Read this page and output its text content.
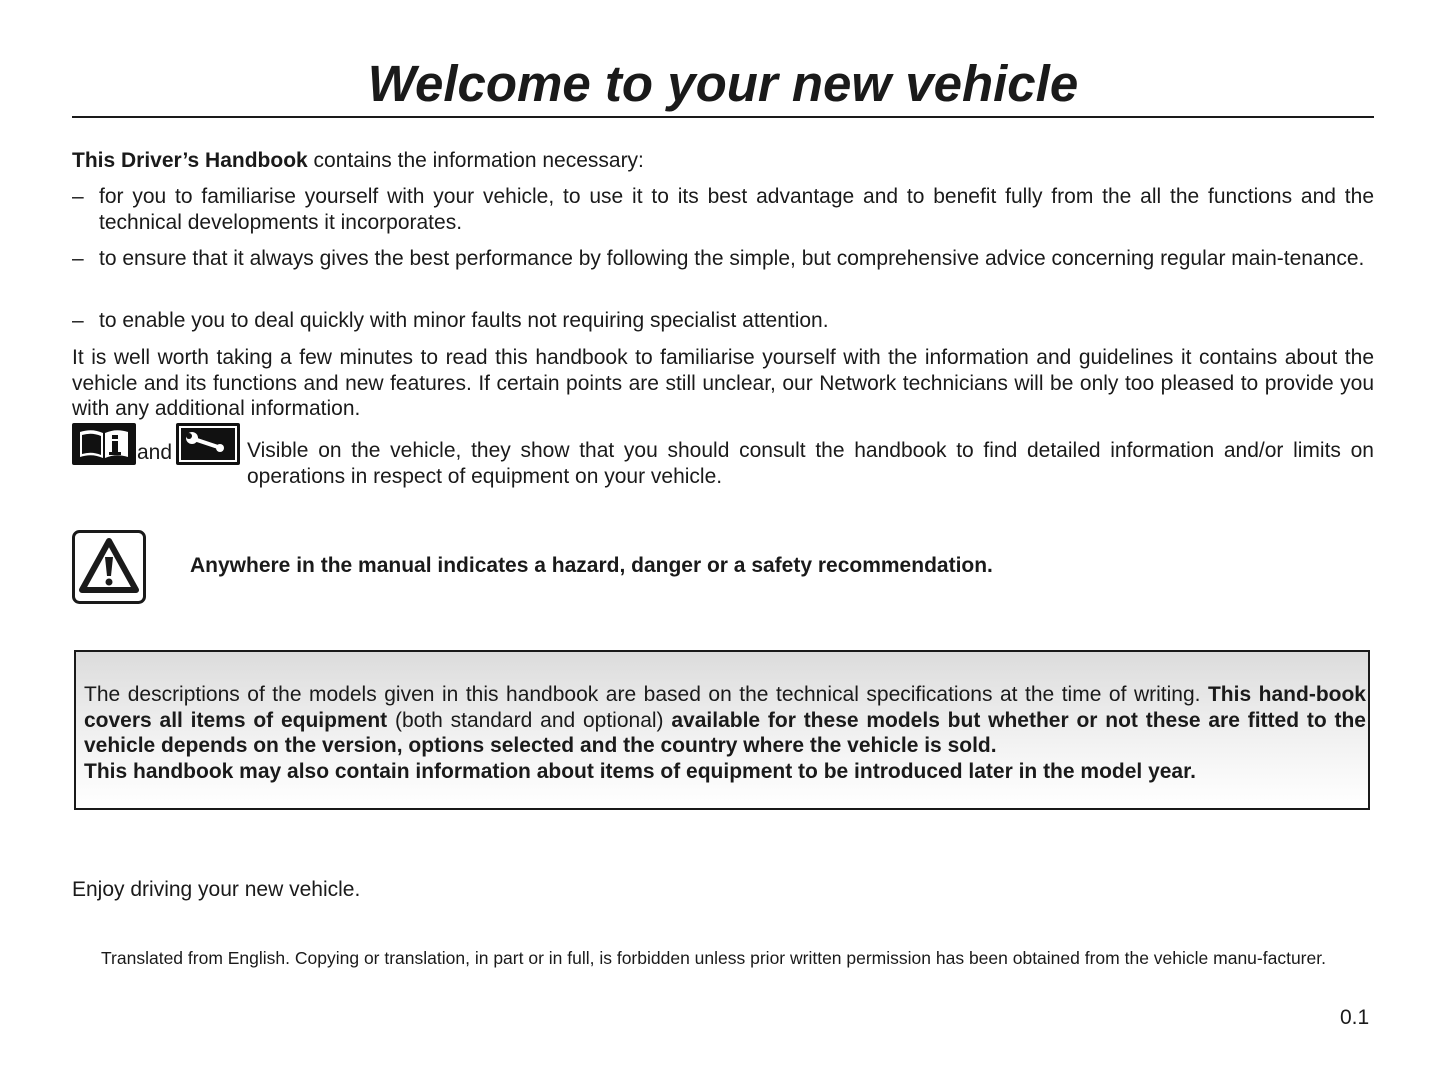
Welcome to your new vehicle
This Driver’s Handbook contains the information necessary:
– for you to familiarise yourself with your vehicle, to use it to its best advantage and to benefit fully from the all the functions and the technical developments it incorporates.
– to ensure that it always gives the best performance by following the simple, but comprehensive advice concerning regular main-tenance.
– to enable you to deal quickly with minor faults not requiring specialist attention.
It is well worth taking a few minutes to read this handbook to familiarise yourself with the information and guidelines it contains about the vehicle and its functions and new features. If certain points are still unclear, our Network technicians will be only too pleased to provide you with any additional information.
and	Visible on the vehicle, they show that you should consult the handbook to find detailed information and/or limits on operations in respect of equipment on your vehicle.
Anywhere in the manual indicates a hazard, danger or a safety recommendation.
The descriptions of the models given in this handbook are based on the technical specifications at the time of writing. This hand-book covers all items of equipment (both standard and optional) available for these models but whether or not these are fitted to the vehicle depends on the version, options selected and the country where the vehicle is sold.
This handbook may also contain information about items of equipment to be introduced later in the model year.
Enjoy driving your new vehicle.
Translated from English. Copying or translation, in part or in full, is forbidden unless prior written permission has been obtained from the vehicle manu-facturer.
0.1
